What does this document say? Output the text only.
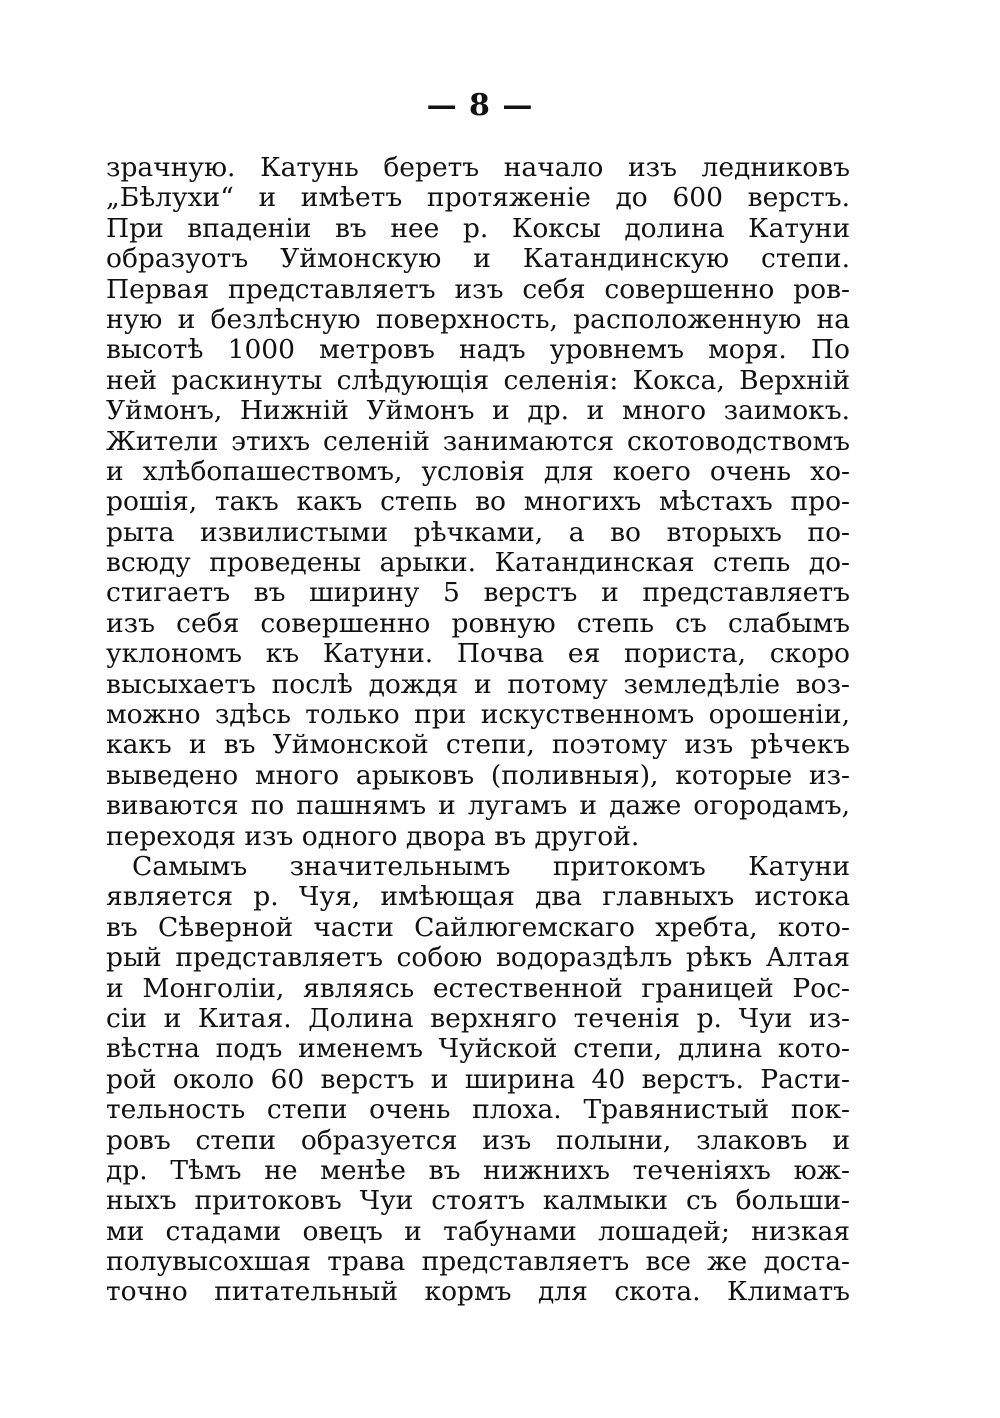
— 8 —
зрачную. Катунь беретъ начало изъ ледниковъ
„Бѣлухи“ и имѣетъ протяженіе до 600 верстъ.
При впаденіи въ нее р. Коксы долина Катуни
образуотъ Уймонскую и Катандинскую степи.
Первая представляетъ изъ себя совершенно ров-
ную и безлѣсную поверхность, расположенную на
высотѣ 1000 метровъ надъ уровнемъ моря. По
ней раскинуты слѣдующія селенія: Кокса, Верхній
Уймонъ, Нижній Уймонъ и др. и много заимокъ.
Жители этихъ селеній занимаются скотоводствомъ
и хлѣбопашествомъ, условія для коего очень хо-
рошія, такъ какъ степь во многихъ мѣстахъ про-
рыта извилистыми рѣчками, а во вторыхъ по-
всюду проведены арыки. Катандинская степь до-
стигаетъ въ ширину 5 верстъ и представляетъ
изъ себя совершенно ровную степь съ слабымъ
уклономъ къ Катуни. Почва ея пориста, скоро
высыхаетъ послѣ дождя и потому земледѣліе воз-
можно здѣсь только при искуственномъ орошеніи,
какъ и въ Уймонской степи, поэтому изъ рѣчекъ
выведено много арыковъ (поливныя), которые из-
виваются по пашнямъ и лугамъ и даже огородамъ,
переходя изъ одного двора въ другой.
Самымъ значительнымъ притокомъ Катуни
является р. Чуя, имѣющая два главныхъ истока
въ Сѣверной части Сайлюгемскаго хребта, кото-
рый представляетъ собою водораздѣлъ рѣкъ Алтая
и Монголіи, являясь естественной границей Рос-
сіи и Китая. Долина верхняго теченія р. Чуи из-
вѣстна подъ именемъ Чуйской степи, длина кото-
рой около 60 верстъ и ширина 40 верстъ. Расти-
тельность степи очень плоха. Травянистый пок-
ровъ степи образуется изъ полыни, злаковъ и
др. Тѣмъ не менѣе въ нижнихъ теченіяхъ юж-
ныхъ притоковъ Чуи стоятъ калмыки съ больши-
ми стадами овецъ и табунами лошадей; низкая
полувысохшая трава представляетъ все же доста-
точно питательный кормъ для скота. Климатъ
